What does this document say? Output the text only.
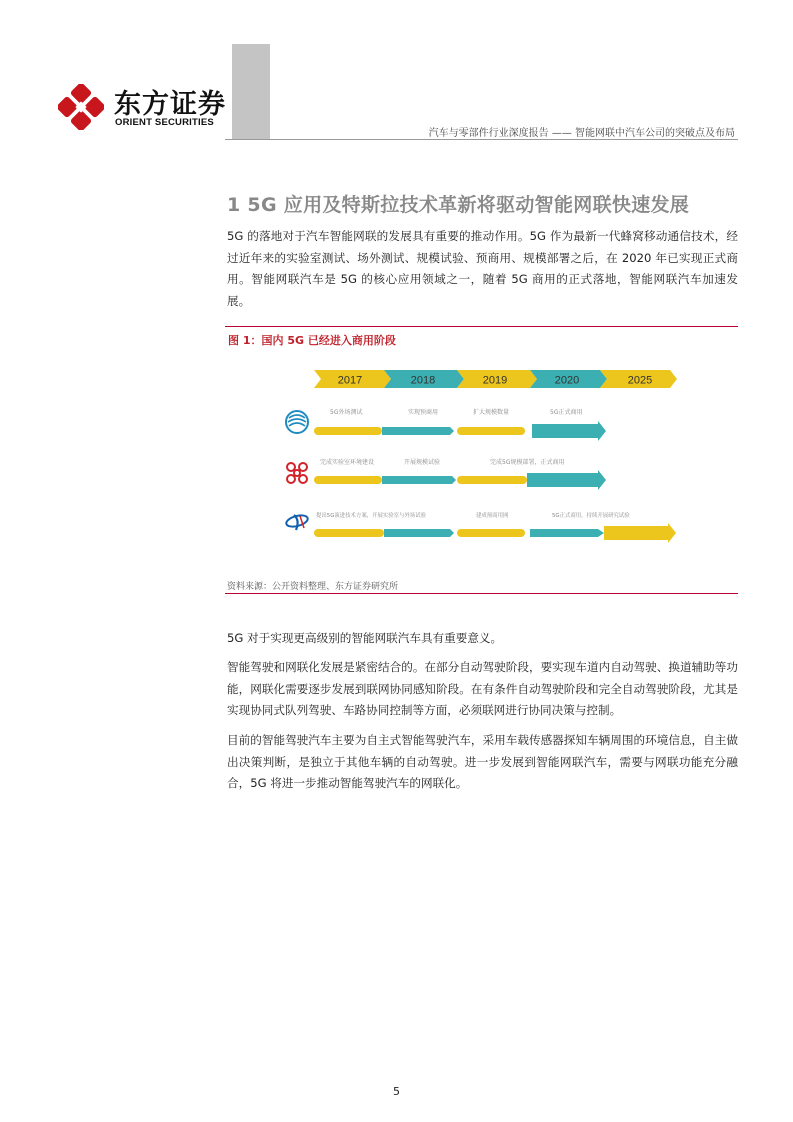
东方证券
ORIENT SECURITIES
汽车与零部件行业深度报告 —— 智能网联中汽车公司的突破点及布局
1 5G 应用及特斯拉技术革新将驱动智能网联快速发展

5G 的落地对于汽车智能网联的发展具有重要的推动作用。5G 作为最新一代蜂窝移动通信技术，经过近年来的实验室测试、场外测试、规模试验、预商用、规模部署之后，在 2020 年已实现正式商用。智能网联汽车是 5G 的核心应用领域之一，随着 5G 商用的正式落地，智能网联汽车加速发展。

图 1：国内 5G 已经进入商用阶段
2017	2018	2019	2020	2025
5G外场测试	实现预商用	扩大规模数量	5G正式商用
完成实验室环境建设	开展规模试验	完成5G规模部署，正式商用
提出5G演进技术方案，开展实验室与外场试验	建成预商用网	5G正式商用，持续开展研究试验
资料来源：公开资料整理、东方证券研究所

5G 对于实现更高级别的智能网联汽车具有重要意义。

智能驾驶和网联化发展是紧密结合的。在部分自动驾驶阶段，要实现车道内自动驾驶、换道辅助等功能，网联化需要逐步发展到联网协同感知阶段。在有条件自动驾驶阶段和完全自动驾驶阶段，尤其是实现协同式队列驾驶、车路协同控制等方面，必须联网进行协同决策与控制。

目前的智能驾驶汽车主要为自主式智能驾驶汽车，采用车载传感器探知车辆周围的环境信息，自主做出决策判断，是独立于其他车辆的自动驾驶。进一步发展到智能网联汽车，需要与网联功能充分融合，5G 将进一步推动智能驾驶汽车的网联化。

5
